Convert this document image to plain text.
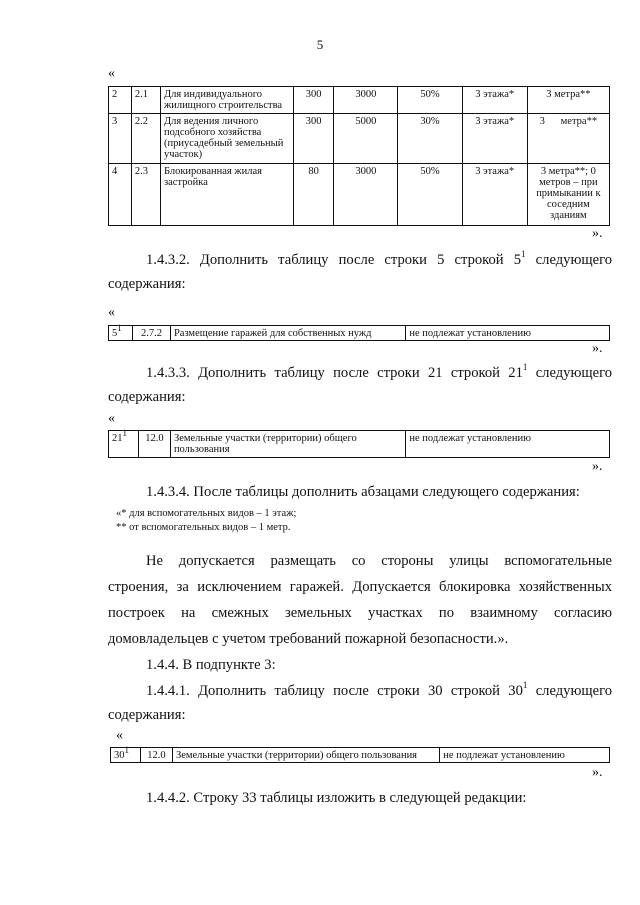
5
«
2	2.1	Для индивидуального жилищного строительства	300	3000	50%	3 этажа*	3 метра**
3	2.2	Для ведения личного подсобного хозяйства (приусадебный земельный участок)	300	5000	30%	3 этажа*	3      метра**
4	2.3	Блокированная жилая застройка	80	3000	50%	3 этажа*	3 метра**; 0 метров – при примыкании к соседним зданиям
».
1.4.3.2. Дополнить таблицу после строки 5 строкой $5^1$ следующего
содержания:
«
$5^1$	2.7.2	Размещение гаражей для собственных нужд	не подлежат установлению
».
1.4.3.3. Дополнить таблицу после строки 21 строкой $21^1$ следующего
содержания:
«
$21^1$	12.0	Земельные участки (территории) общего пользования	не подлежат установлению
».
1.4.3.4. После таблицы дополнить абзацами следующего содержания:
«* для вспомогательных видов – 1 этаж;
** от вспомогательных видов – 1 метр.
Не допускается размещать со стороны улицы вспомогательные
строения, за исключением гаражей. Допускается блокировка хозяйственных
построек на смежных земельных участках по взаимному согласию
домовладельцев с учетом требований пожарной безопасности.».
1.4.4. В подпункте 3:
1.4.4.1. Дополнить таблицу после строки 30 строкой $30^1$ следующего
содержания:
«
$30^1$	12.0	Земельные участки (территории) общего пользования	не подлежат установлению
».
1.4.4.2. Строку 33 таблицы изложить в следующей редакции:
